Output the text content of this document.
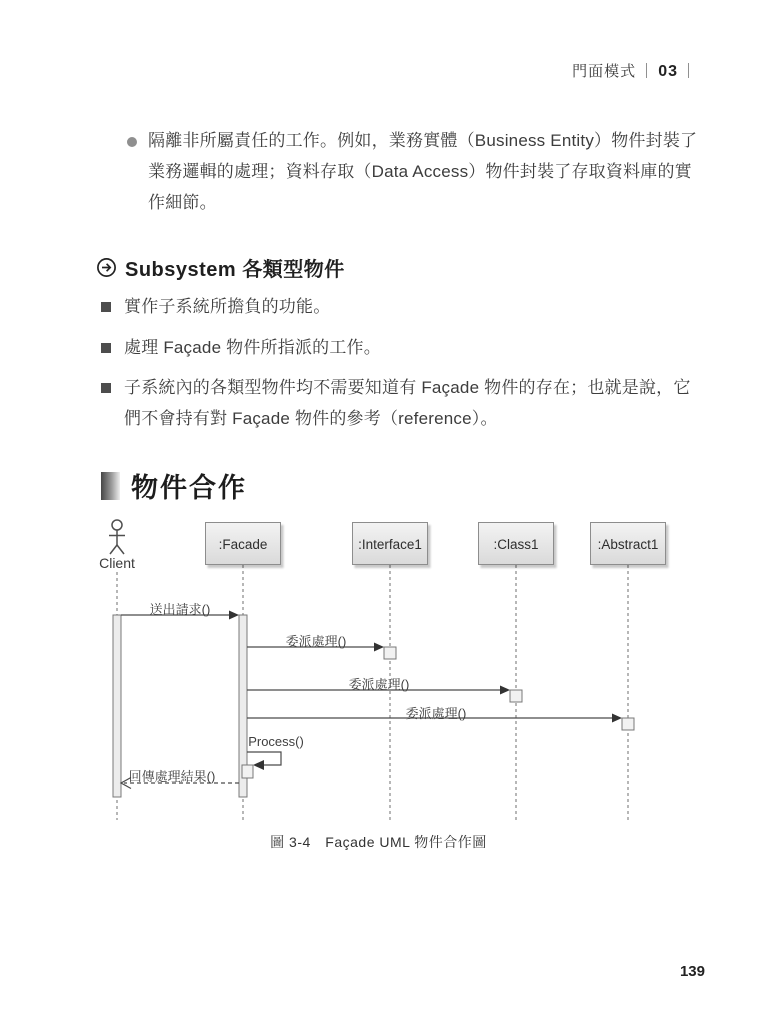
門面模式 ｜ 03 ｜
隔離非所屬責任的工作。例如，業務實體（Business Entity）物件封裝了
業務邏輯的處理；資料存取（Data Access）物件封裝了存取資料庫的實
作細節。
Subsystem 各類型物件
實作子系統所擔負的功能。
處理 Façade 物件所指派的工作。
子系統內的各類型物件均不需要知道有 Façade 物件的存在；也就是說，它
們不會持有對 Façade 物件的參考（reference）。
物件合作
:Facade	:Interface1	:Class1	:Abstract1
Client
送出請求()
委派處理()
委派處理()
委派處理()
Process()
回傳處理結果()
圖 3-4　Façade UML 物件合作圖
139
